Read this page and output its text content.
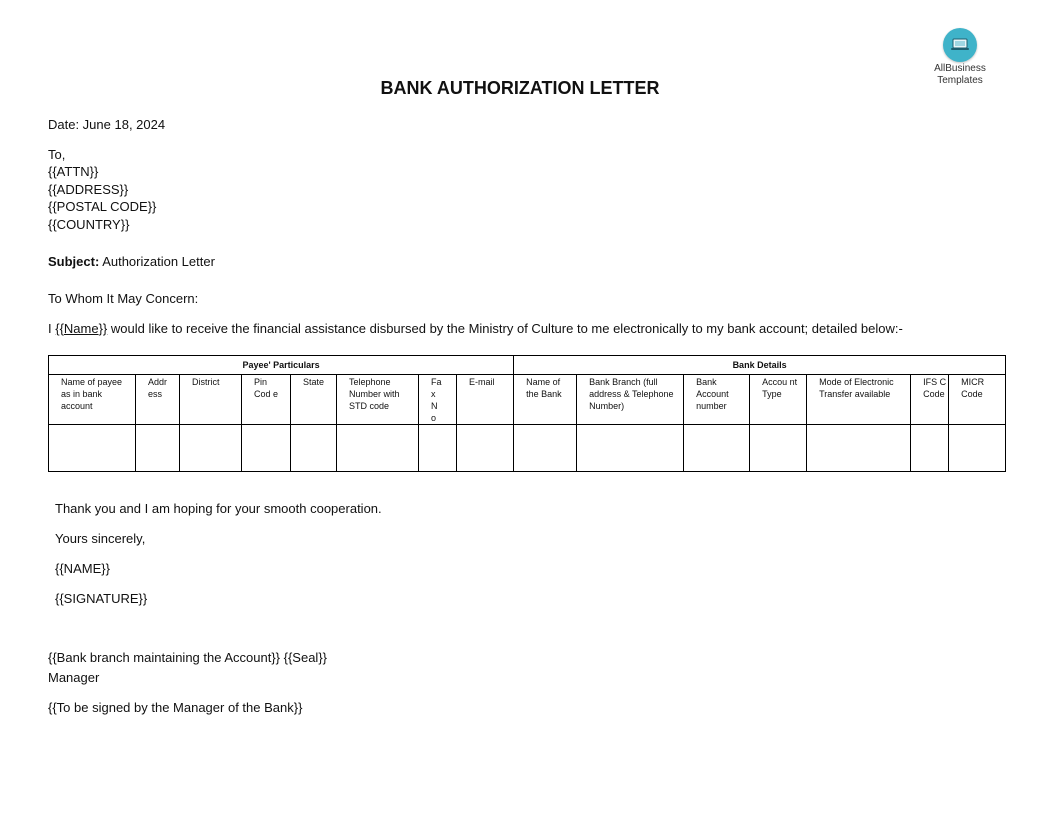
AllBusiness
Templates
BANK AUTHORIZATION LETTER
Date: June 18, 2024
To,
{{ATTN}}
{{ADDRESS}}
{{POSTAL CODE}}
{{COUNTRY}}
Subject: Authorization Letter
To Whom It May Concern:
I {{Name}} would like to receive the financial assistance disbursed by the Ministry of Culture to me electronically to my bank account; detailed below:-
Payee' Particulars								Bank Details						

Name of payee as in bank account	Addr ess	District	Pin Cod e	State	Telephone Number with STD code	Fa x N o	E-mail	Name of the Bank	Bank Branch (full address & Telephone Number)	Bank Account number	Accou nt Type	Mode of Electronic Transfer available	IFS C Code	MICR Code

Thank you and I am hoping for your smooth cooperation.
Yours sincerely,
{{NAME}}
{{SIGNATURE}}
{{Bank branch maintaining the Account}} {{Seal}}
Manager
{{To be signed by the Manager of the Bank}}
